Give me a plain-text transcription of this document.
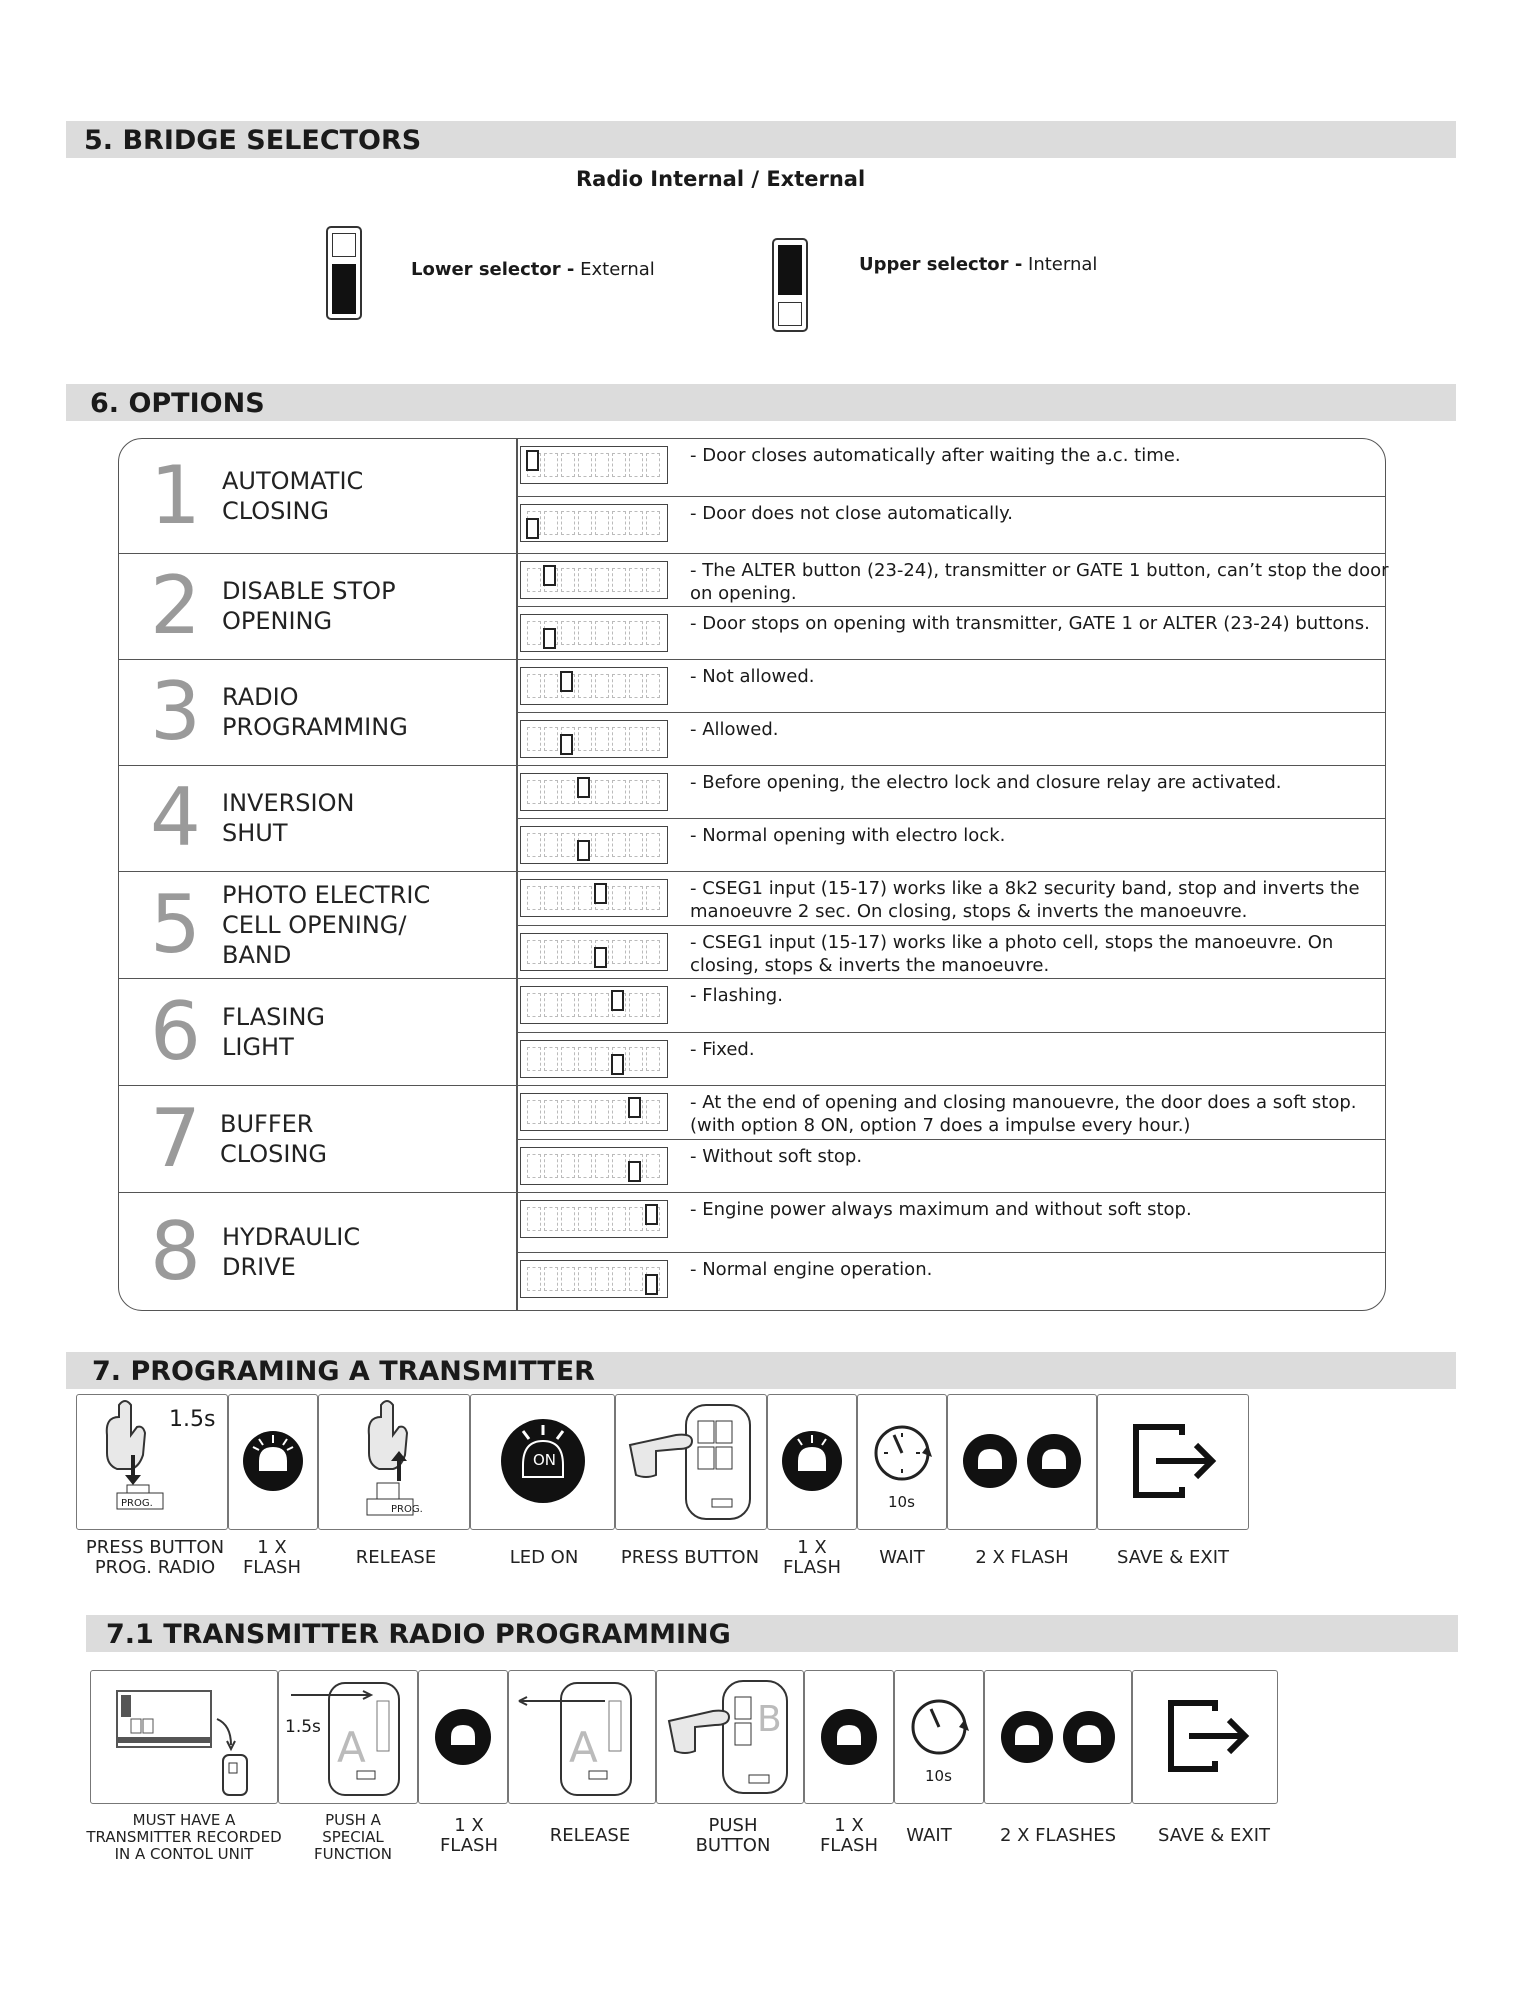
5. BRIDGE SELECTORS
Radio Internal / External
Lower selector - External	Upper selector - Internal
6. OPTIONS
1 AUTOMATIC
CLOSING
- Door closes automatically after waiting the a.c. time.
- Door does not close automatically.
2 DISABLE STOP
OPENING
- The ALTER button (23-24), transmitter or GATE 1 button, can’t stop the door on opening.
- Door stops on opening with transmitter, GATE 1 or ALTER (23-24) buttons.
3 RADIO
PROGRAMMING
- Not allowed.
- Allowed.
4 INVERSION
SHUT
- Before opening, the electro lock and closure relay are activated.
- Normal opening with electro lock.
5 PHOTO ELECTRIC
CELL OPENING/
BAND
- CSEG1 input (15-17) works like a 8k2 security band, stop and inverts the manoeuvre 2 sec. On closing, stops & inverts the manoeuvre.
- CSEG1 input (15-17) works like a photo cell, stops the manoeuvre. On closing, stops & inverts the manoeuvre.
6 FLASING
LIGHT
- Flashing.
- Fixed.
7 BUFFER
CLOSING
- At the end of opening and closing manouevre, the door does a soft stop. (with option 8 ON, option 7 does a impulse every hour.)
- Without soft stop.
8 HYDRAULIC
DRIVE
- Engine power always maximum and without soft stop.
- Normal engine operation.
7. PROGRAMING A TRANSMITTER
1.5s
PROG.
PROG.
ON
10s
PRESS BUTTON
PROG. RADIO
1 X
FLASH	RELEASE	LED ON	PRESS BUTTON	1 X
FLASH	WAIT	2 X FLASH	SAVE & EXIT
7.1 TRANSMITTER RADIO PROGRAMMING
1.5s A	A
B
10s
MUST HAVE A
TRANSMITTER RECORDED
IN A CONTOL UNIT
PUSH A
SPECIAL
FUNCTION
1 X
FLASH	RELEASE	PUSH
BUTTON
1 X
FLASH	WAIT	2 X FLASHES	SAVE & EXIT
